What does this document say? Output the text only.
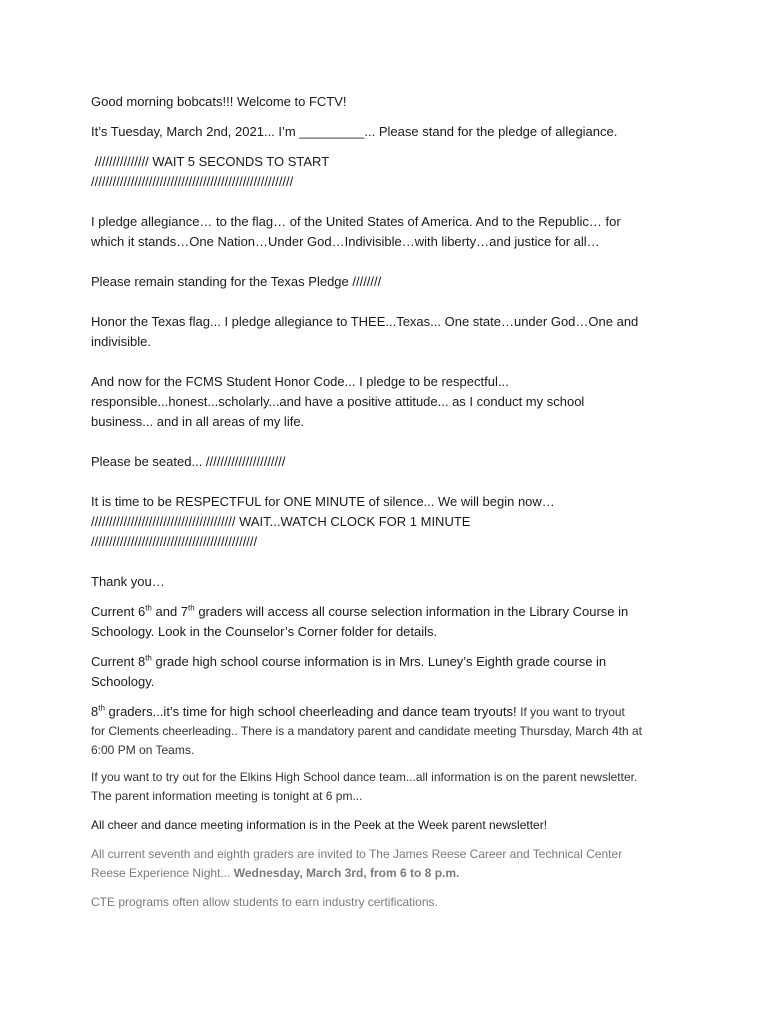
Good morning bobcats!!! Welcome to FCTV!

It’s Tuesday, March 2nd, 2021... I’m _________... Please stand for the pledge of allegiance.

/////////////// WAIT 5 SECONDS TO START

////////////////////////////////////////////////////////

I pledge allegiance… to the flag… of the United States of America. And to the Republic… for

which it stands…One Nation…Under God…Indivisible…with liberty…and justice for all…

Please remain standing for the Texas Pledge ////////

Honor the Texas flag... I pledge allegiance to THEE...Texas... One state…under God…One and

indivisible.

And now for the FCMS Student Honor Code... I pledge to be respectful...

responsible...honest...scholarly...and have a positive attitude... as I conduct my school

business... and in all areas of my life.

Please be seated... //////////////////////

It is time to be RESPECTFUL for ONE MINUTE of silence... We will begin now…

//////////////////////////////////////// WAIT...WATCH CLOCK FOR 1 MINUTE

//////////////////////////////////////////////

Thank you…

Current 6th and 7th graders will access all course selection information in the Library Course in

Schoology. Look in the Counselor’s Corner folder for details.

Current 8th grade high school course information is in Mrs. Luney’s Eighth grade course in

Schoology.

8th graders...it’s time for high school cheerleading and dance team tryouts! If you want to tryout

for Clements cheerleading.. There is a mandatory parent and candidate meeting Thursday, March 4th at

6:00 PM on Teams.

If you want to try out for the Elkins High School dance team...all information is on the parent newsletter.

The parent information meeting is tonight at 6 pm...

All cheer and dance meeting information is in the Peek at the Week parent newsletter!

All current seventh and eighth graders are invited to The James Reese Career and Technical Center

Reese Experience Night... Wednesday, March 3rd, from 6 to 8 p.m.

CTE programs often allow students to earn industry certifications.
